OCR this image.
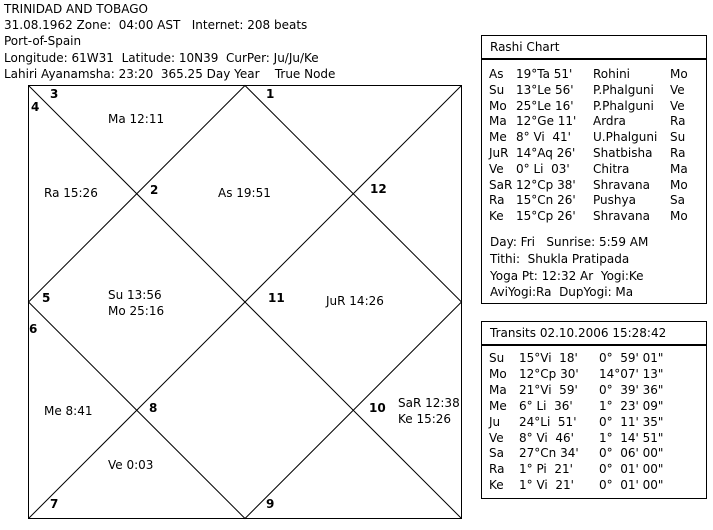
TRINIDAD AND TOBAGO
31.08.1962 Zone:  04:00 AST   Internet: 208 beats
Port-of-Spain
Longitude: 61W31  Latitude: 10N39  CurPer: Ju/Ju/Ke
Lahiri Ayanamsha: 23:20  365.25 Day Year    True Node
3
4
1
2	12
5	11
6
8	10
7	9
Ma 12:11
Ra 15:26	As 19:51
Su 13:56
Mo 25:16
JuR 14:26
Me 8:41
SaR 12:38
Ke 15:26
Ve 0:03
Rashi Chart
Day: Fri   Sunrise: 5:59 AM
Tithi:  Shukla Pratipada
Yoga Pt: 12:32 Ar  Yogi:Ke
AviYogi:Ra  DupYogi: Ma
As 19°Ta 51' Rohini	Mo
Su 13°Le 56' P.Phalguni Ve
Mo 25°Le 16' P.Phalguni Ve
Ma 12°Ge 11' Ardra	Ra
Me 8° Vi  41' U.Phalguni Su
JuR 14°Aq 26' Shatbisha Ra
Ve 0° Li  03' Chitra	Ma
SaR 12°Cp 38' Shravana Mo
Ra 15°Cn 26' Pushya	Sa
Ke 15°Cp 26' Shravana Mo
Transits 02.10.2006 15:28:42
Su 15°Vi  18' 0°  59' 01"
Mo 12°Cp 30' 14°07' 13"
Ma 21°Vi  59' 0°  39' 36"
Me 6° Li  36' 1°  23' 09"
Ju 24°Li  51' 0°  11' 35"
Ve 8° Vi  46' 1°  14' 51"
Sa 27°Cn 34' 0°  06' 00"
Ra 1° Pi  21' 0°  01' 00"
Ke 1° Vi  21' 0°  01' 00"
